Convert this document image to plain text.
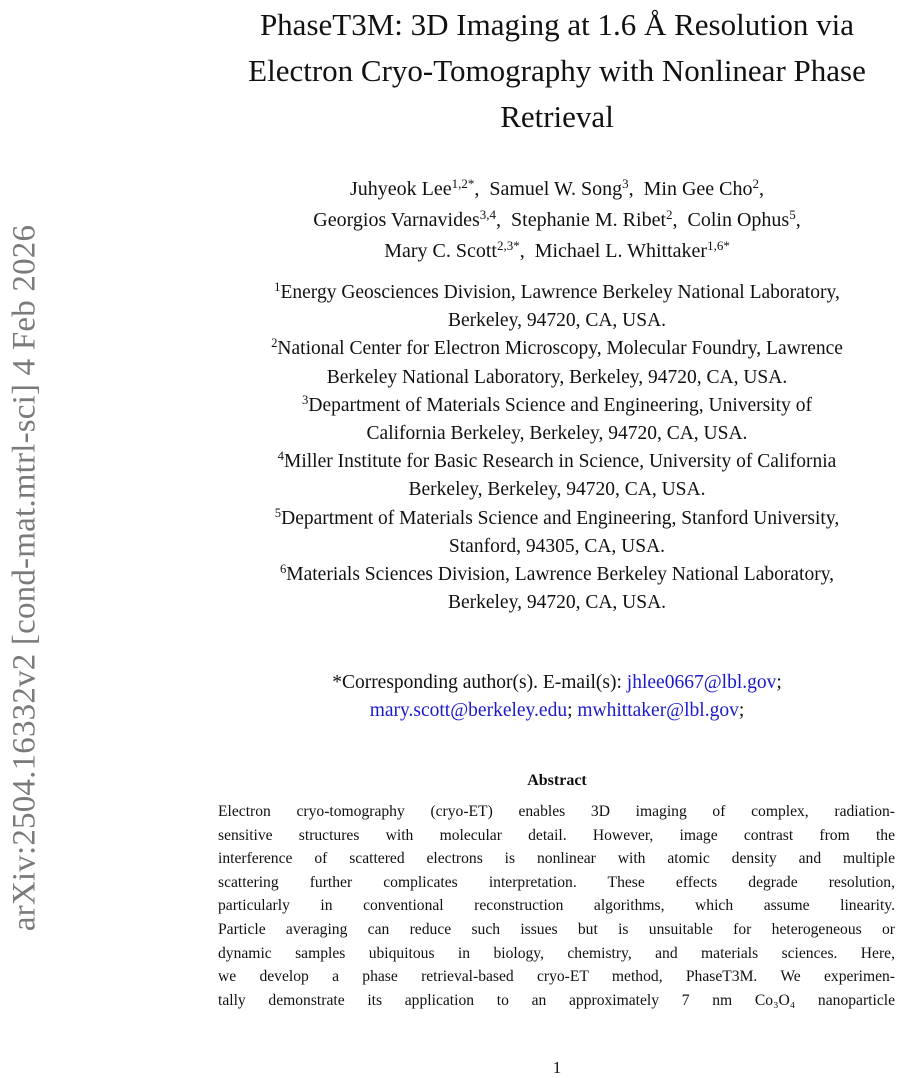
arXiv:2504.16332v2 [cond-mat.mtrl-sci] 4 Feb 2026
PhaseT3M: 3D Imaging at 1.6 Å Resolution via
Electron Cryo-Tomography with Nonlinear Phase
Retrieval
Juhyeok Lee$^{1,2*}$, Samuel W. Song$^3$, Min Gee Cho$^2$,
Georgios Varnavides$^{3,4}$, Stephanie M. Ribet$^2$, Colin Ophus$^5$,
Mary C. Scott$^{2,3*}$, Michael L. Whittaker$^{1,6*}$
$^1$Energy Geosciences Division, Lawrence Berkeley National Laboratory,
Berkeley, 94720, CA, USA.
$^2$National Center for Electron Microscopy, Molecular Foundry, Lawrence
Berkeley National Laboratory, Berkeley, 94720, CA, USA.
$^3$Department of Materials Science and Engineering, University of
California Berkeley, Berkeley, 94720, CA, USA.
$^4$Miller Institute for Basic Research in Science, University of California
Berkeley, Berkeley, 94720, CA, USA.
$^5$Department of Materials Science and Engineering, Stanford University,
Stanford, 94305, CA, USA.
$^6$Materials Sciences Division, Lawrence Berkeley National Laboratory,
Berkeley, 94720, CA, USA.
*Corresponding author(s). E-mail(s): jhlee0667@lbl.gov;
mary.scott@berkeley.edu; mwhittaker@lbl.gov;
Abstract
Electron cryo-tomography (cryo-ET) enables 3D imaging of complex, radiation-
sensitive structures with molecular detail. However, image contrast from the
interference of scattered electrons is nonlinear with atomic density and multiple
scattering further complicates interpretation. These effects degrade resolution,
particularly in conventional reconstruction algorithms, which assume linearity.
Particle averaging can reduce such issues but is unsuitable for heterogeneous or
dynamic samples ubiquitous in biology, chemistry, and materials sciences. Here,
we develop a phase retrieval-based cryo-ET method, PhaseT3M. We experimen-
tally demonstrate its application to an approximately 7 nm Co₃O₄ nanoparticle
1
